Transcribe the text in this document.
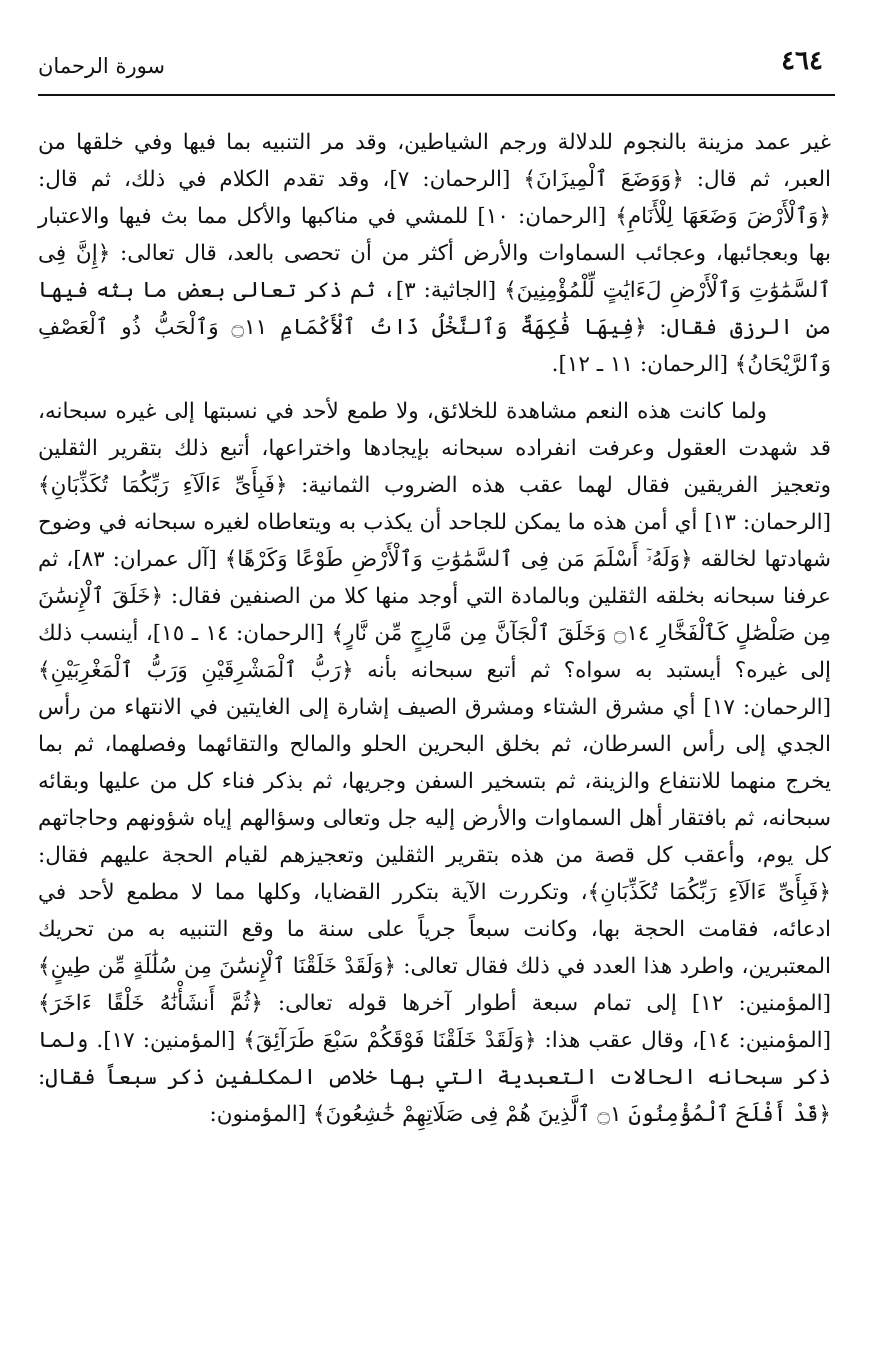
٤٦٤
سورة الرحمان

غير عمد مزينة بالنجوم للدلالة ورجم الشياطين، وقد مر التنبيه بما فيها وفي خلقها من العبر، ثم قال: ﴿وَوَضَعَ ٱلْمِيزَانَ﴾ [الرحمان: ٧]، وقد تقدم الكلام في ذلك، ثم قال: ﴿وَٱلْأَرْضَ وَضَعَهَا لِلْأَنَامِ﴾ [الرحمان: ١٠] للمشي في مناكبها والأكل مما بث فيها والاعتبار بها وبعجائبها، وعجائب السماوات والأرض أكثر من أن تحصى بالعد، قال تعالى: ﴿إِنَّ فِى ٱلسَّمَٰوَٰتِ وَٱلْأَرْضِ لَءَايَٰتٍ لِّلْمُؤْمِنِينَ﴾ [الجاثية: ٣]، ثم ذكر تعالى بعض ما بثه فيها من الرزق فقال: ﴿فِيهَا فَٰكِهَةٌ وَٱلنَّخْلُ ذَاتُ ٱلْأَكْمَامِ ۝١١ وَٱلْحَبُّ ذُو ٱلْعَصْفِ وَٱلرَّيْحَانُ﴾ [الرحمان: ١١ ـ ١٢].

ولما كانت هذه النعم مشاهدة للخلائق، ولا طمع لأحد في نسبتها إلى غيره سبحانه، قد شهدت العقول وعرفت انفراده سبحانه بإيجادها واختراعها، أتبع ذلك بتقرير الثقلين وتعجيز الفريقين فقال لهما عقب هذه الضروب الثمانية: ﴿فَبِأَىِّ ءَالَآءِ رَبِّكُمَا تُكَذِّبَانِ﴾ [الرحمان: ١٣] أي أمن هذه ما يمكن للجاحد أن يكذب به ويتعاطاه لغيره سبحانه في وضوح شهادتها لخالقه ﴿وَلَهُۥٓ أَسْلَمَ مَن فِى ٱلسَّمَٰوَٰتِ وَٱلْأَرْضِ طَوْعًا وَكَرْهًا﴾ [آل عمران: ٨٣]، ثم عرفنا سبحانه بخلقه الثقلين وبالمادة التي أوجد منها كلا من الصنفين فقال: ﴿خَلَقَ ٱلْإِنسَٰنَ مِن صَلْصَٰلٍ كَٱلْفَخَّارِ ۝١٤ وَخَلَقَ ٱلْجَآنَّ مِن مَّارِجٍ مِّن نَّارٍ﴾ [الرحمان: ١٤ ـ ١٥]، أينسب ذلك إلى غيره؟ أيستبد به سواه؟ ثم أتبع سبحانه بأنه ﴿رَبُّ ٱلْمَشْرِقَيْنِ وَرَبُّ ٱلْمَغْرِبَيْنِ﴾ [الرحمان: ١٧] أي مشرق الشتاء ومشرق الصيف إشارة إلى الغايتين في الانتهاء من رأس الجدي إلى رأس السرطان، ثم بخلق البحرين الحلو والمالح والتقائهما وفصلهما، ثم بما يخرج منهما للانتفاع والزينة، ثم بتسخير السفن وجريها، ثم بذكر فناء كل من عليها وبقائه سبحانه، ثم بافتقار أهل السماوات والأرض إليه جل وتعالى وسؤالهم إياه شؤونهم وحاجاتهم كل يوم، وأعقب كل قصة من هذه بتقرير الثقلين وتعجيزهم لقيام الحجة عليهم فقال: ﴿فَبِأَىِّ ءَالَآءِ رَبِّكُمَا تُكَذِّبَانِ﴾، وتكررت الآية بتكرر القضايا، وكلها مما لا مطمع لأحد في ادعائه، فقامت الحجة بها، وكانت سبعاً جرياً على سنة ما وقع التنبيه به من تحريك المعتبرين، واطرد هذا العدد في ذلك فقال تعالى: ﴿وَلَقَدْ خَلَقْنَا ٱلْإِنسَٰنَ مِن سُلَٰلَةٍ مِّن طِينٍ﴾ [المؤمنين: ١٢] إلى تمام سبعة أطوار آخرها قوله تعالى: ﴿ثُمَّ أَنشَأْنَٰهُ خَلْقًا ءَاخَرَ﴾ [المؤمنين: ١٤]، وقال عقب هذا: ﴿وَلَقَدْ خَلَقْنَا فَوْقَكُمْ سَبْعَ طَرَآئِقَ﴾ [المؤمنين: ١٧]. ولما ذكر سبحانه الحالات التعبدية التي بها خلاص المكلفين ذكر سبعاً فقال: ﴿قَدْ أَفْلَحَ ٱلْمُؤْمِنُونَ ۝١ ٱلَّذِينَ هُمْ فِى صَلَاتِهِمْ خَٰشِعُونَ﴾ [المؤمنون:
